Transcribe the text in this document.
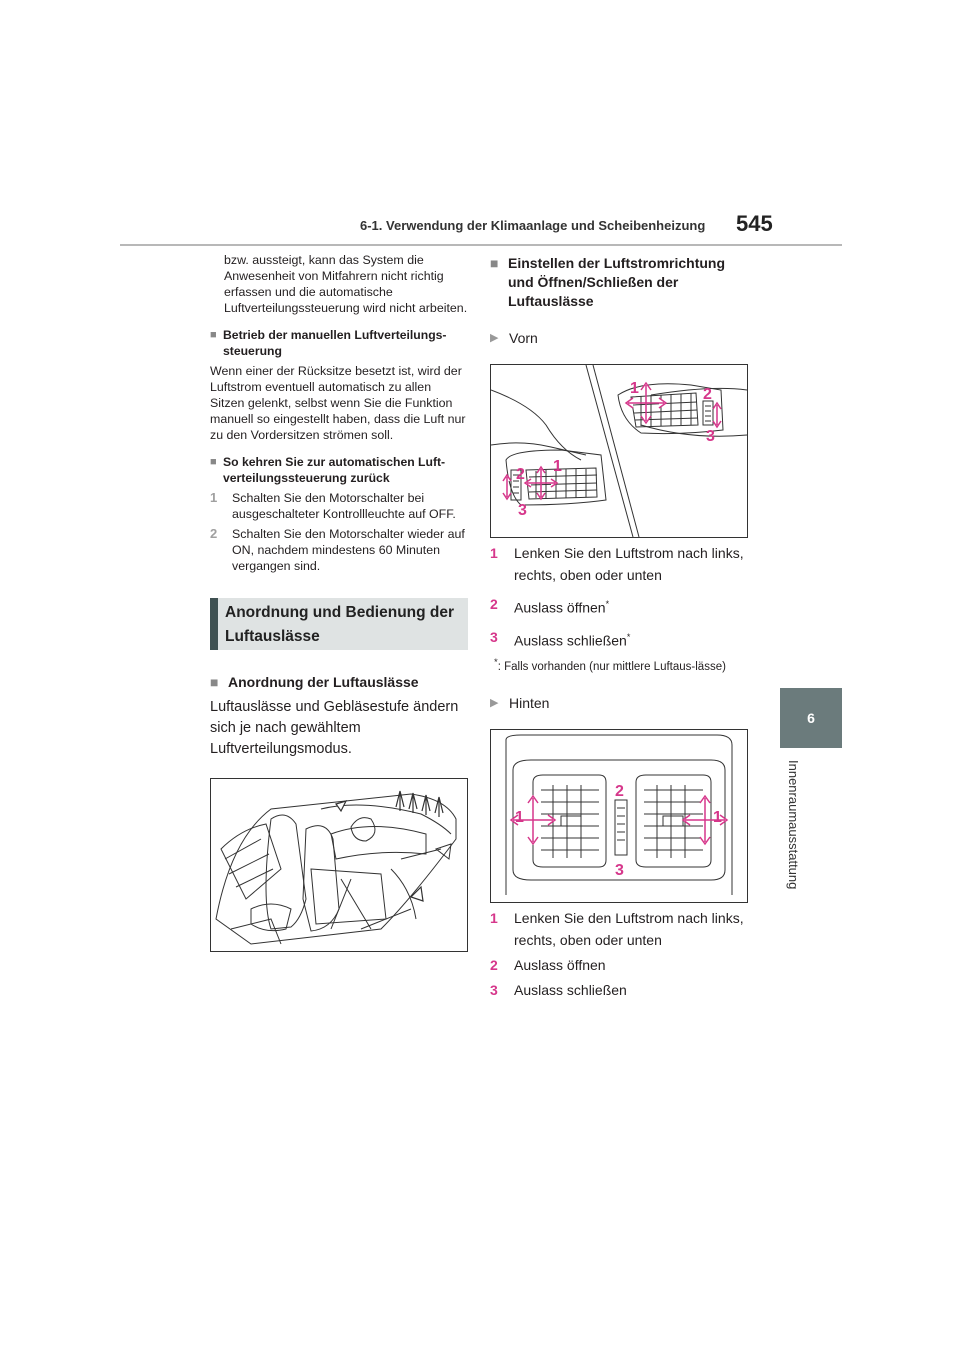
6-1. Verwendung der Klimaanlage und Scheibenheizung 545
6
Innenraumausstattung

bzw. aussteigt, kann das System die Anwesenheit von Mitfahrern nicht richtig erfassen und die automatische Luftverteilungssteuerung wird nicht arbeiten.

■ Betrieb der manuellen Luftverteilungs-steuerung

Wenn einer der Rücksitze besetzt ist, wird der Luftstrom eventuell automatisch zu allen Sitzen gelenkt, selbst wenn Sie die Funktion manuell so eingestellt haben, dass die Luft nur zu den Vordersitzen strömen soll.

■ So kehren Sie zur automatischen Luft-verteilungssteuerung zurück
1	Schalten Sie den Motorschalter bei ausgeschalteter Kontrollleuchte auf OFF.
2	Schalten Sie den Motorschalter wieder auf ON, nachdem mindestens 60 Minuten vergangen sind.
Anordnung und Bedienung der Luftauslässe
■ Anordnung der Luftauslässe

Luftauslässe und Gebläsestufe ändern sich je nach gewähltem Luftverteilungsmodus.

■ Einstellen der Luftstromrichtung und Öffnen/Schließen der Luftauslässe
▶ Vorn
1	2
3
2 1
3
1	Lenken Sie den Luftstrom nach links, rechts, oben oder unten
2	Auslass öffnen*
3	Auslass schließen*
*: Falls vorhanden (nur mittlere Luftaus-lässe)
▶ Hinten
1
2
3
1
1	Lenken Sie den Luftstrom nach links, rechts, oben oder unten
2	Auslass öffnen
3	Auslass schließen
